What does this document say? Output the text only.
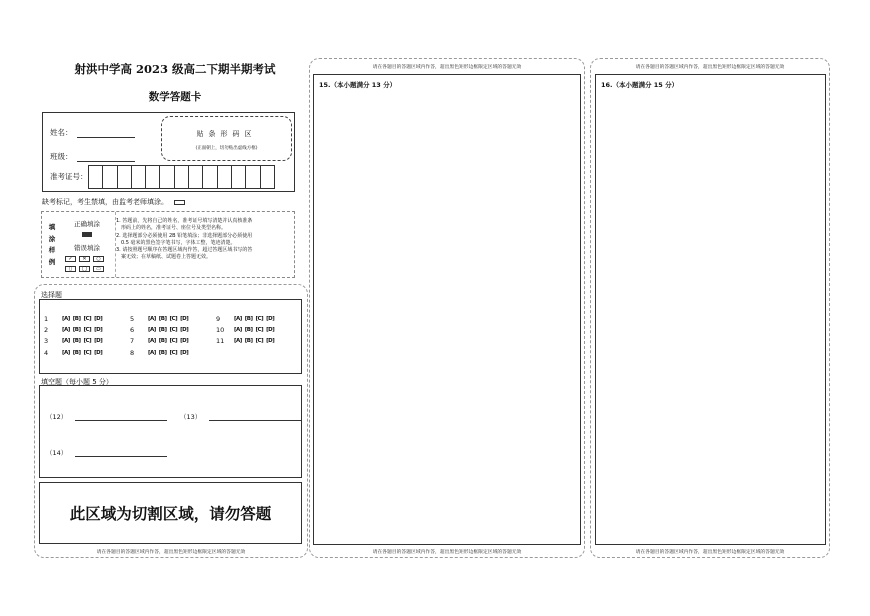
射洪中学高 2023 级高二下期半期考试
数学答题卡
姓名：
班级：
准考证号：
贴条形码区
(正面朝上，切勿贴出虚线方框)
缺考标记，考生禁填，由监考老师填涂。
填
涂
样
例
正确填涂
错误填涂
✓	✕	○
▯	◯	▭
1. 答题前，先将自己的姓名，准考证号填写清楚并认真核准条
形码上的姓名，准考证号、座位号及类型名称。
2. 选择题部分必须使用 2B 铅笔填涂；非选择题部分必须使用
0.5 毫米的黑色签字笔书写，字体工整，笔迹清楚。
3. 请按照题号顺序在答题区域内作答，超过答题区域书写的答
案无效；在草稿纸、试题卷上答题无效。
选择题
1	[A] [B] [C] [D]
2	[A] [B] [C] [D]
3	[A] [B] [C] [D]
4	[A] [B] [C] [D]
5	[A] [B] [C] [D]
6	[A] [B] [C] [D]
7	[A] [B] [C] [D]
8	[A] [B] [C] [D]
9	[A] [B] [C] [D]
10	[A] [B] [C] [D]
11	[A] [B] [C] [D]
填空题（每小题 5 分）
（12）	（13）
（14）
此区域为切割区域，请勿答题
请在各题目的答题区域内作答，超出黑色矩形边框限定区域的答题无效
请在各题目的答题区域内作答，超出黑色矩形边框限定区域的答题无效
15.（本小题满分 13 分）
请在各题目的答题区域内作答，超出黑色矩形边框限定区域的答题无效
请在各题目的答题区域内作答，超出黑色矩形边框限定区域的答题无效
16.（本小题满分 15 分）
请在各题目的答题区域内作答，超出黑色矩形边框限定区域的答题无效
